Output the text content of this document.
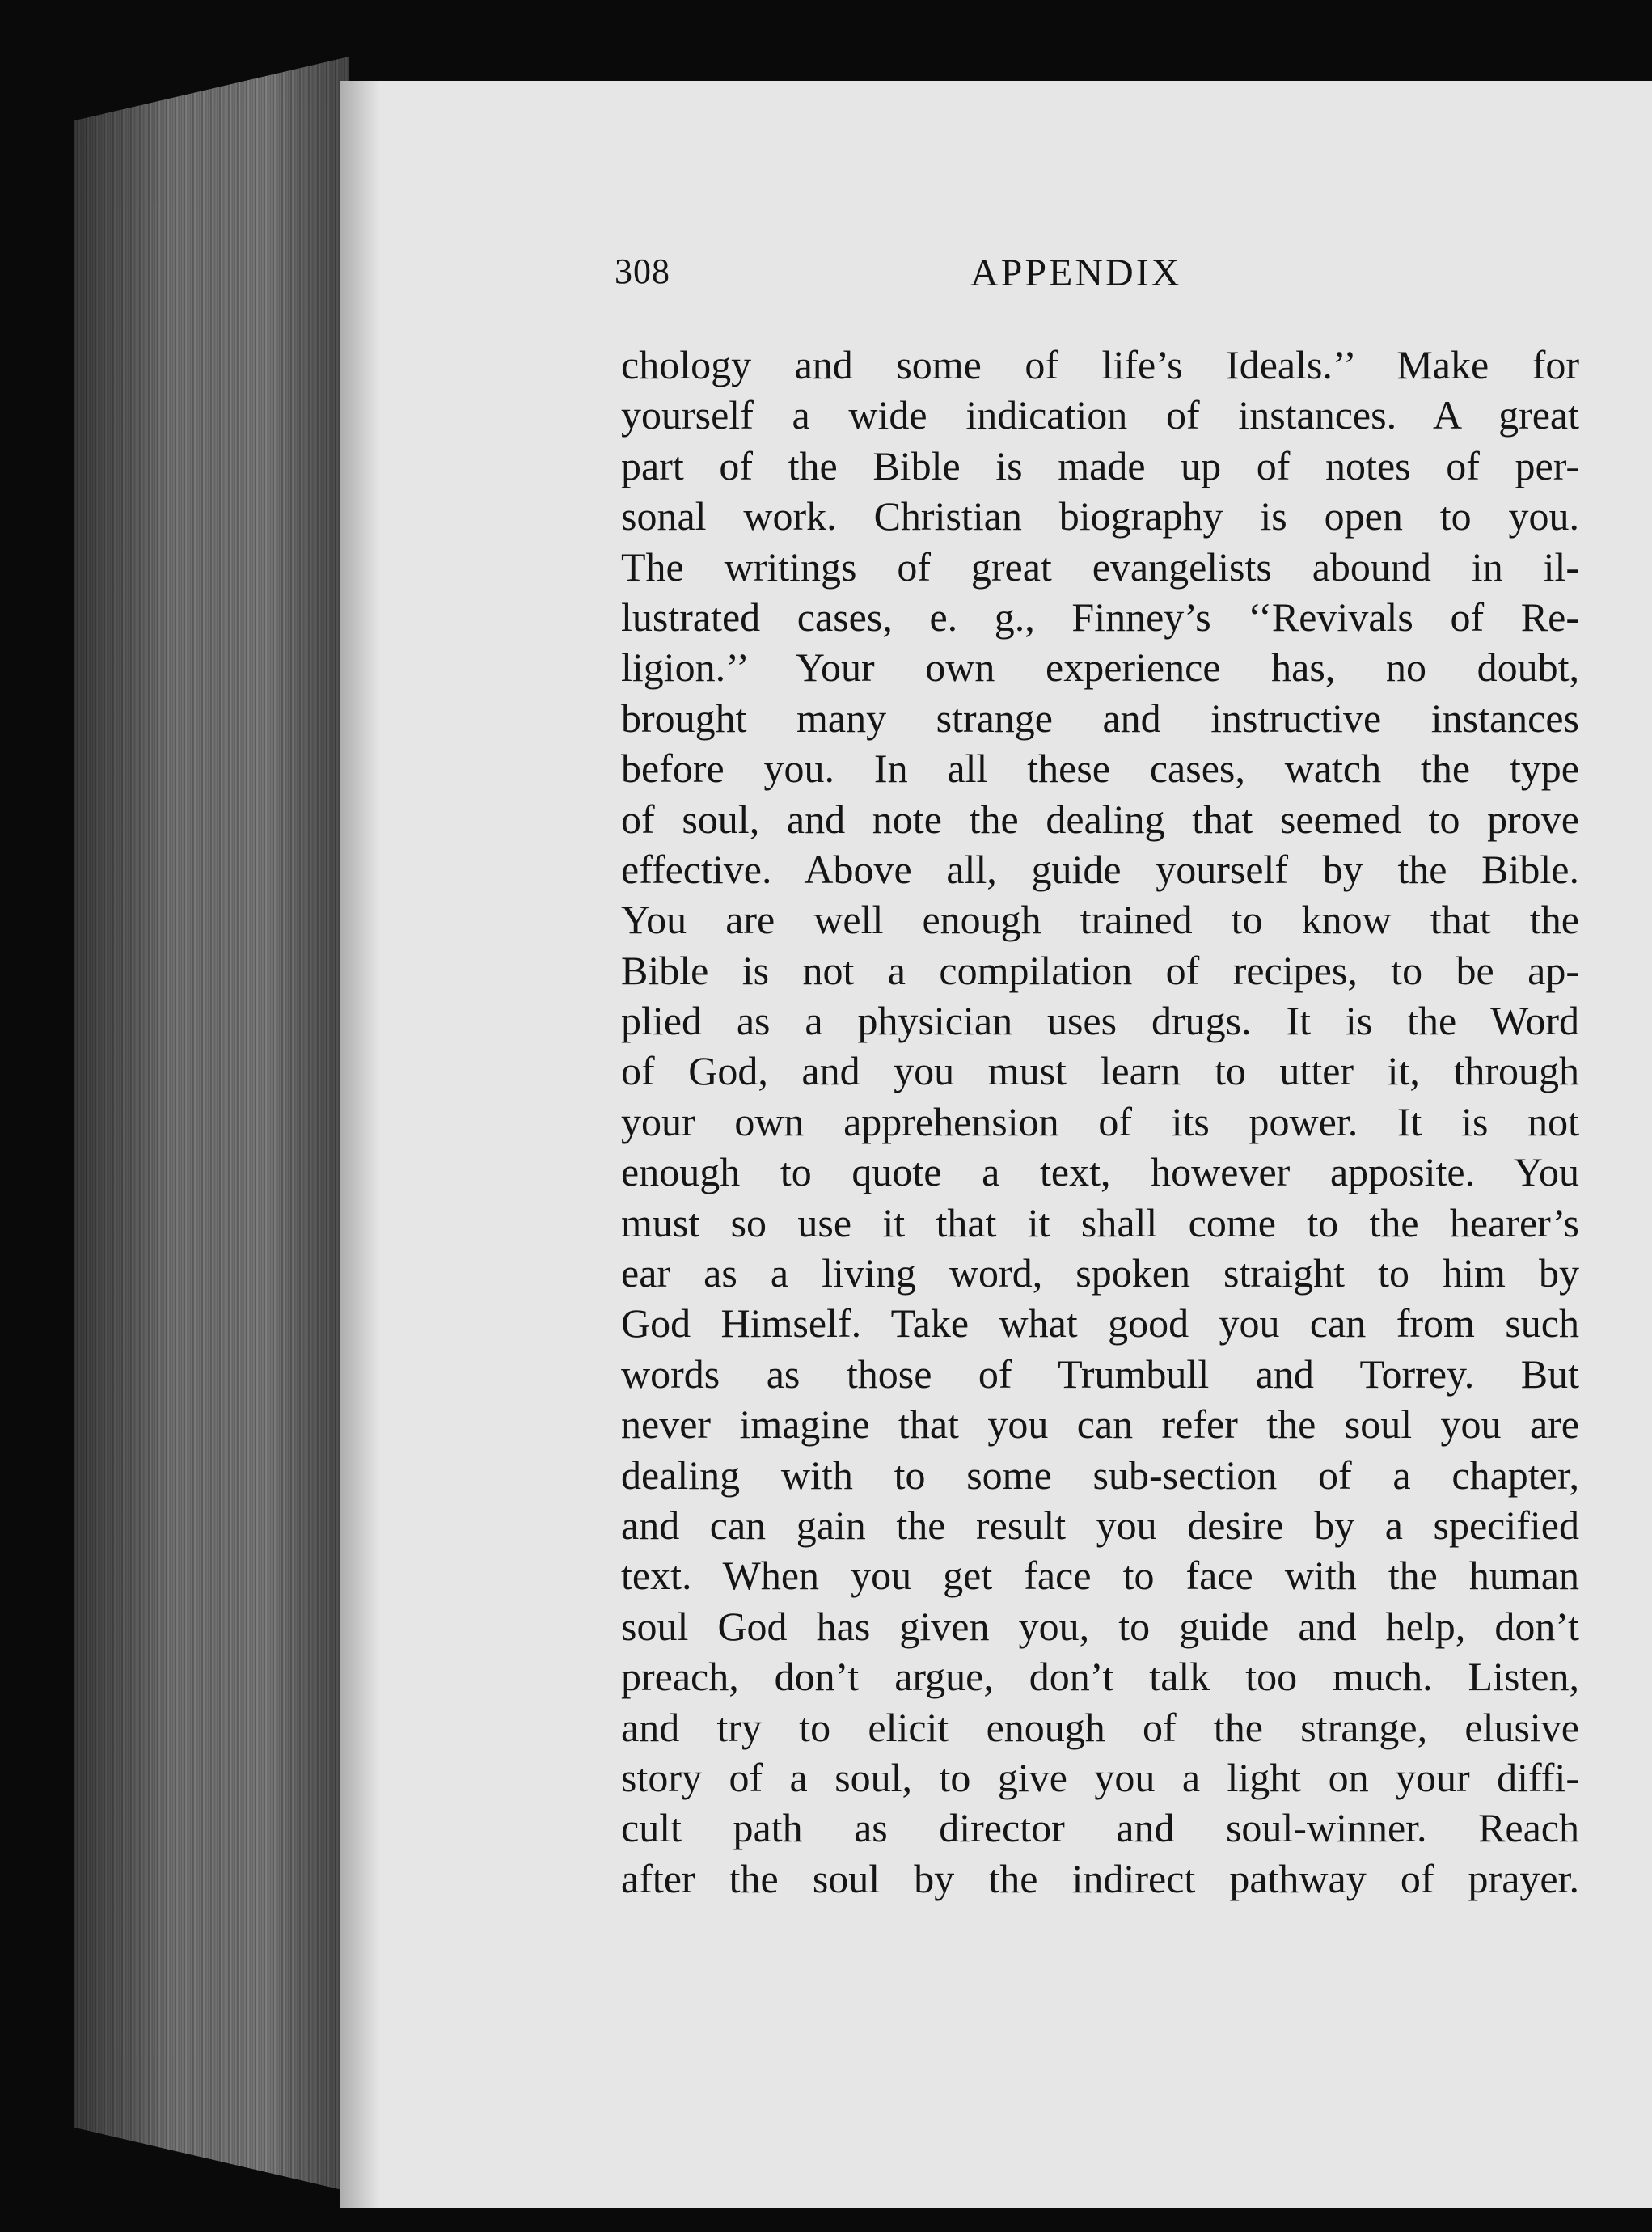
308	APPENDIX
chology and some of life’s Ideals.’’ Make for
yourself a wide indication of instances. A great
part of the Bible is made up of notes of per-
sonal work. Christian biography is open to you.
The writings of great evangelists abound in il-
lustrated cases, e. g., Finney’s ‘‘Revivals of Re-
ligion.’’ Your own experience has, no doubt,
brought many strange and instructive instances
before you. In all these cases, watch the type
of soul, and note the dealing that seemed to prove
effective. Above all, guide yourself by the Bible.
You are well enough trained to know that the
Bible is not a compilation of recipes, to be ap-
plied as a physician uses drugs. It is the Word
of God, and you must learn to utter it, through
your own apprehension of its power. It is not
enough to quote a text, however apposite. You
must so use it that it shall come to the hearer’s
ear as a living word, spoken straight to him by
God Himself. Take what good you can from such
words as those of Trumbull and Torrey. But
never imagine that you can refer the soul you are
dealing with to some sub-section of a chapter,
and can gain the result you desire by a specified
text. When you get face to face with the human
soul God has given you, to guide and help, don’t
preach, don’t argue, don’t talk too much. Listen,
and try to elicit enough of the strange, elusive
story of a soul, to give you a light on your diffi-
cult path as director and soul-winner. Reach
after the soul by the indirect pathway of prayer.
